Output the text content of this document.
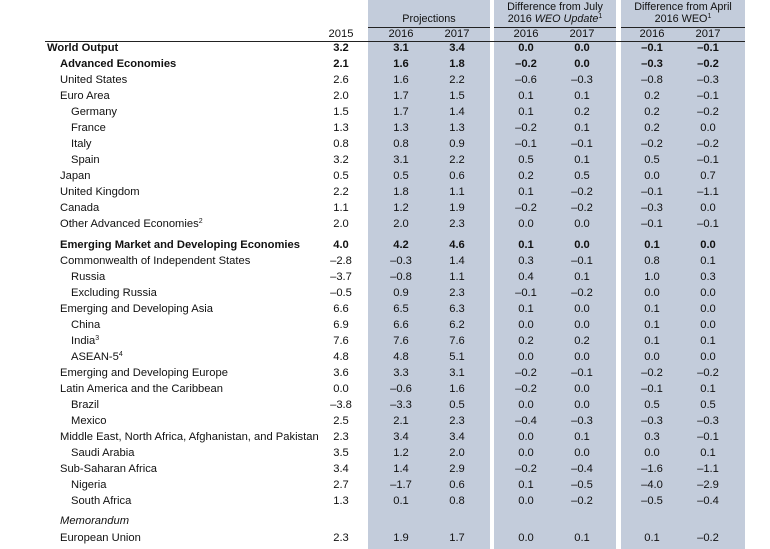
Projections
Difference from July
2016 WEO Update$^1$
Difference from April
2016 WEO$^1$
2015	2016	2017	2016	2017	2016	2017
World Output	3.2	3.1	3.4	0.0	0.0	–0.1	–0.1
Advanced Economies	2.1	1.6	1.8	–0.2	0.0	–0.3	–0.2
United States	2.6	1.6	2.2	–0.6	–0.3	–0.8	–0.3
Euro Area	2.0	1.7	1.5	0.1	0.1	0.2	–0.1
Germany	1.5	1.7	1.4	0.1	0.2	0.2	–0.2
France	1.3	1.3	1.3	–0.2	0.1	0.2	0.0
Italy	0.8	0.8	0.9	–0.1	–0.1	–0.2	–0.2
Spain	3.2	3.1	2.2	0.5	0.1	0.5	–0.1
Japan	0.5	0.5	0.6	0.2	0.5	0.0	0.7
United Kingdom	2.2	1.8	1.1	0.1	–0.2	–0.1	–1.1
Canada	1.1	1.2	1.9	–0.2	–0.2	–0.3	0.0
Other Advanced Economies$^2$	2.0	2.0	2.3	0.0	0.0	–0.1	–0.1
Emerging Market and Developing Economies	4.0	4.2	4.6	0.1	0.0	0.1	0.0
Commonwealth of Independent States	–2.8	–0.3	1.4	0.3	–0.1	0.8	0.1
Russia	–3.7	–0.8	1.1	0.4	0.1	1.0	0.3
Excluding Russia	–0.5	0.9	2.3	–0.1	–0.2	0.0	0.0
Emerging and Developing Asia	6.6	6.5	6.3	0.1	0.0	0.1	0.0
China	6.9	6.6	6.2	0.0	0.0	0.1	0.0
India$^3$	7.6	7.6	7.6	0.2	0.2	0.1	0.1
ASEAN-$5^4$	4.8	4.8	5.1	0.0	0.0	0.0	0.0
Emerging and Developing Europe	3.6	3.3	3.1	–0.2	–0.1	–0.2	–0.2
Latin America and the Caribbean	0.0	–0.6	1.6	–0.2	0.0	–0.1	0.1
Brazil	–3.8	–3.3	0.5	0.0	0.0	0.5	0.5
Mexico	2.5	2.1	2.3	–0.4	–0.3	–0.3	–0.3
Middle East, North Africa, Afghanistan, and Pakistan	2.3	3.4	3.4	0.0	0.1	0.3	–0.1
Saudi Arabia	3.5	1.2	2.0	0.0	0.0	0.0	0.1
Sub-Saharan Africa	3.4	1.4	2.9	–0.2	–0.4	–1.6	–1.1
Nigeria	2.7	–1.7	0.6	0.1	–0.5	–4.0	–2.9
South Africa	1.3	0.1	0.8	0.0	–0.2	–0.5	–0.4
Memorandum
European Union	2.3	1.9	1.7	0.0	0.1	0.1	–0.2
